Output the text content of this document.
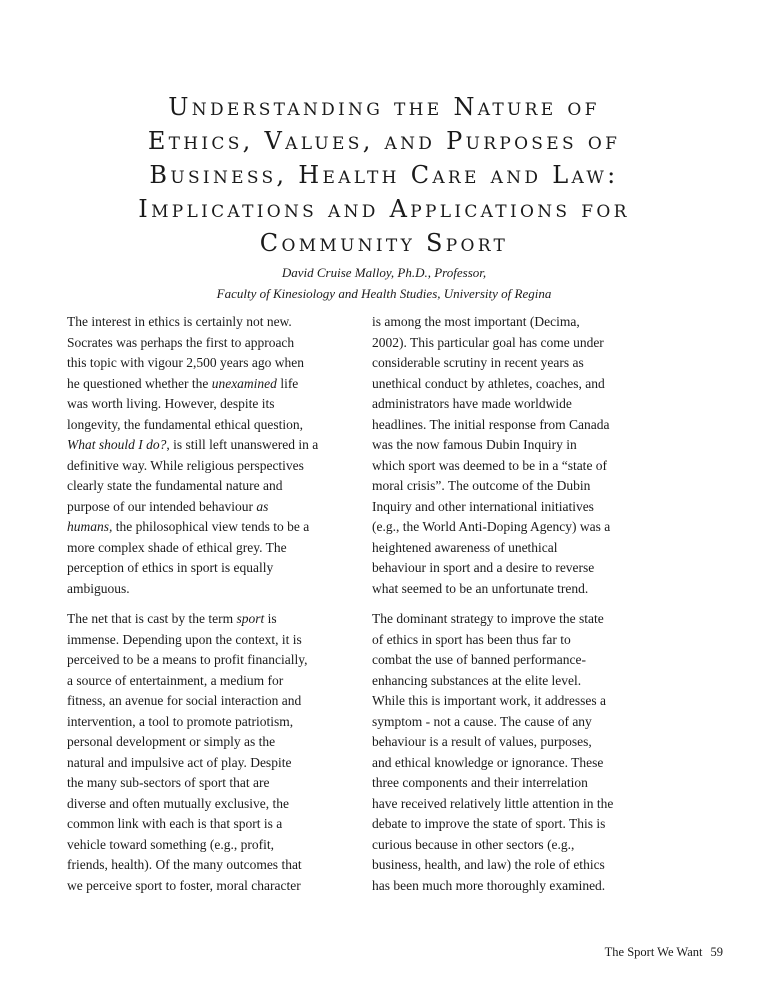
Understanding the Nature of
Ethics, Values, and Purposes of
Business, Health Care and Law:
Implications and Applications for
Community Sport
David Cruise Malloy, Ph.D., Professor,
Faculty of Kinesiology and Health Studies, University of Regina
The interest in ethics is certainly not new.
Socrates was perhaps the first to approach
this topic with vigour 2,500 years ago when
he questioned whether the unexamined life
was worth living. However, despite its
longevity, the fundamental ethical question,
What should I do?, is still left unanswered in a
definitive way. While religious perspectives
clearly state the fundamental nature and
purpose of our intended behaviour as
humans, the philosophical view tends to be a
more complex shade of ethical grey. The
perception of ethics in sport is equally
ambiguous.
The net that is cast by the term sport is
immense. Depending upon the context, it is
perceived to be a means to profit financially,
a source of entertainment, a medium for
fitness, an avenue for social interaction and
intervention, a tool to promote patriotism,
personal development or simply as the
natural and impulsive act of play. Despite
the many sub-sectors of sport that are
diverse and often mutually exclusive, the
common link with each is that sport is a
vehicle toward something (e.g., profit,
friends, health). Of the many outcomes that
we perceive sport to foster, moral character
is among the most important (Decima,
2002). This particular goal has come under
considerable scrutiny in recent years as
unethical conduct by athletes, coaches, and
administrators have made worldwide
headlines. The initial response from Canada
was the now famous Dubin Inquiry in
which sport was deemed to be in a “state of
moral crisis”. The outcome of the Dubin
Inquiry and other international initiatives
(e.g., the World Anti-Doping Agency) was a
heightened awareness of unethical
behaviour in sport and a desire to reverse
what seemed to be an unfortunate trend.
The dominant strategy to improve the state
of ethics in sport has been thus far to
combat the use of banned performance-
enhancing substances at the elite level.
While this is important work, it addresses a
symptom - not a cause. The cause of any
behaviour is a result of values, purposes,
and ethical knowledge or ignorance. These
three components and their interrelation
have received relatively little attention in the
debate to improve the state of sport. This is
curious because in other sectors (e.g.,
business, health, and law) the role of ethics
has been much more thoroughly examined.
The Sport We Want 59
